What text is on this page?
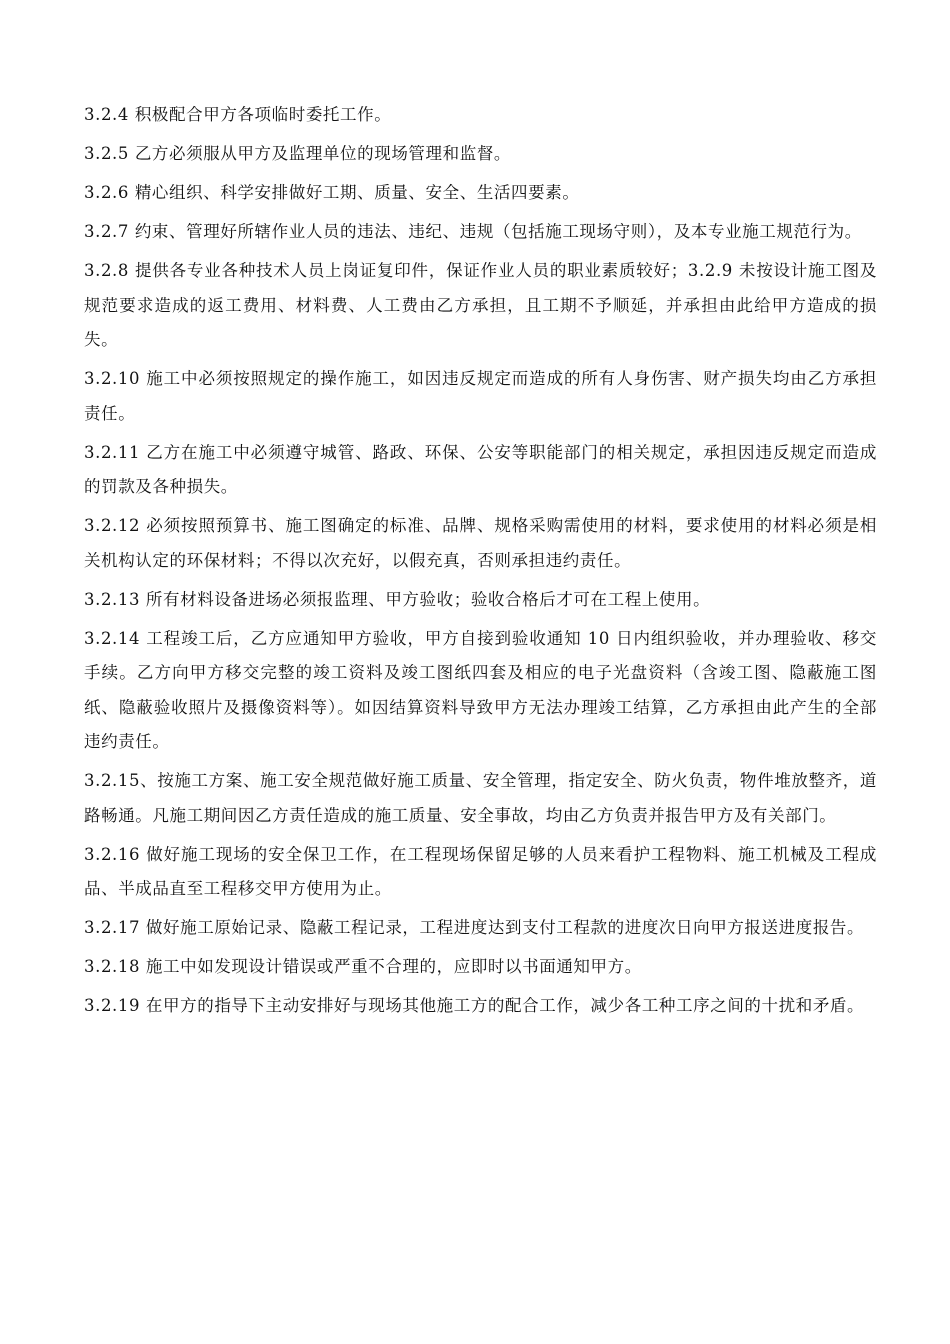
3.2.4 积极配合甲方各项临时委托工作。

3.2.5 乙方必须服从甲方及监理单位的现场管理和监督。

3.2.6 精心组织、科学安排做好工期、质量、安全、生活四要素。

3.2.7 约束、管理好所辖作业人员的违法、违纪、违规（包括施工现场守则），及本专业施工规范行为。

3.2.8 提供各专业各种技术人员上岗证复印件，保证作业人员的职业素质较好；3.2.9 未按设计施工图及规范要求造成的返工费用、材料费、人工费由乙方承担，且工期不予顺延，并承担由此给甲方造成的损失。

3.2.10 施工中必须按照规定的操作施工，如因违反规定而造成的所有人身伤害、财产损失均由乙方承担责任。

3.2.11 乙方在施工中必须遵守城管、路政、环保、公安等职能部门的相关规定，承担因违反规定而造成的罚款及各种损失。

3.2.12 必须按照预算书、施工图确定的标准、品牌、规格采购需使用的材料，要求使用的材料必须是相关机构认定的环保材料；不得以次充好，以假充真，否则承担违约责任。

3.2.13 所有材料设备进场必须报监理、甲方验收；验收合格后才可在工程上使用。

3.2.14 工程竣工后，乙方应通知甲方验收，甲方自接到验收通知 10 日内组织验收，并办理验收、移交手续。乙方向甲方移交完整的竣工资料及竣工图纸四套及相应的电子光盘资料（含竣工图、隐蔽施工图纸、隐蔽验收照片及摄像资料等）。如因结算资料导致甲方无法办理竣工结算，乙方承担由此产生的全部违约责任。

3.2.15、按施工方案、施工安全规范做好施工质量、安全管理，指定安全、防火负责，物件堆放整齐，道路畅通。凡施工期间因乙方责任造成的施工质量、安全事故，均由乙方负责并报告甲方及有关部门。

3.2.16 做好施工现场的安全保卫工作，在工程现场保留足够的人员来看护工程物料、施工机械及工程成品、半成品直至工程移交甲方使用为止。

3.2.17 做好施工原始记录、隐蔽工程记录，工程进度达到支付工程款的进度次日向甲方报送进度报告。

3.2.18 施工中如发现设计错误或严重不合理的，应即时以书面通知甲方。

3.2.19 在甲方的指导下主动安排好与现场其他施工方的配合工作，减少各工种工序之间的十扰和矛盾。
